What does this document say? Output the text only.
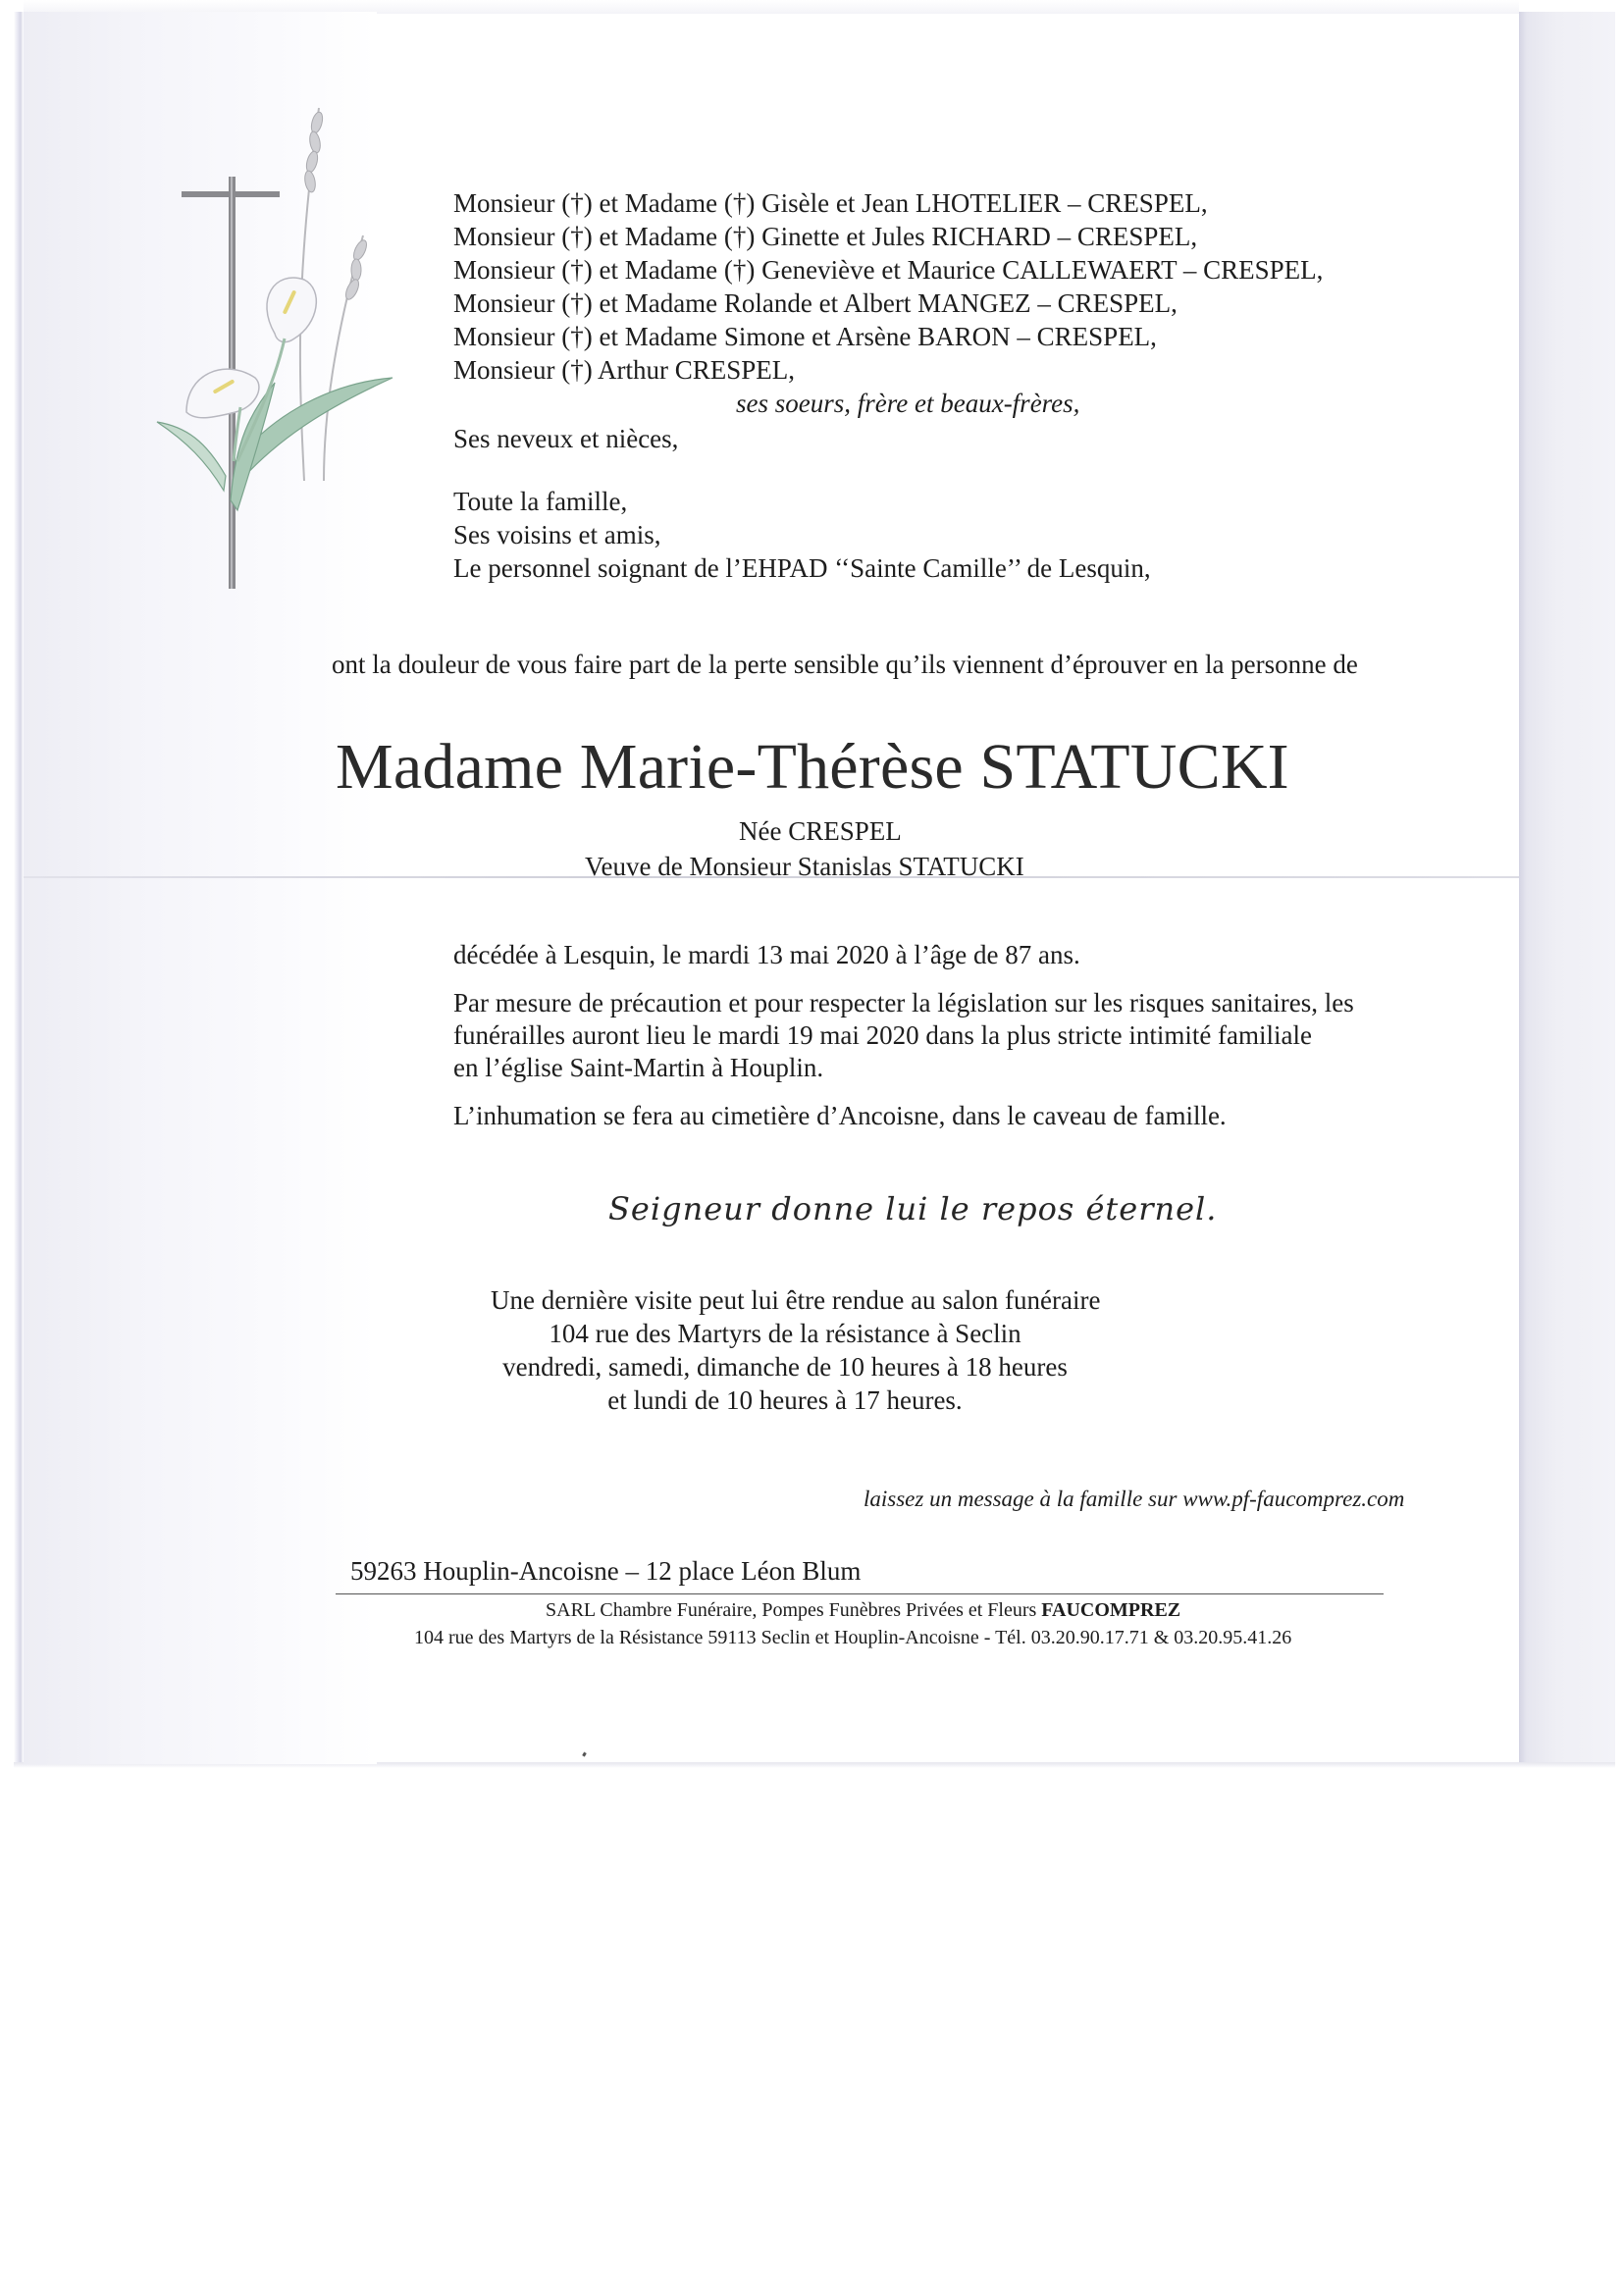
Monsieur (†) et Madame (†) Gisèle et Jean LHOTELIER – CRESPEL,
Monsieur (†) et Madame (†) Ginette et Jules RICHARD – CRESPEL,
Monsieur (†) et Madame (†) Geneviève et Maurice CALLEWAERT – CRESPEL,
Monsieur (†) et Madame Rolande et Albert MANGEZ – CRESPEL,
Monsieur (†) et Madame Simone et Arsène BARON – CRESPEL,
Monsieur (†) Arthur CRESPEL,
ses soeurs, frère et beaux-frères,
Ses neveux et nièces,
Toute la famille,
Ses voisins et amis,
Le personnel soignant de l’EHPAD ‘‘Sainte Camille’’ de Lesquin,
ont la douleur de vous faire part de la perte sensible qu’ils viennent d’éprouver en la personne de
Madame Marie-Thérèse STATUCKI
Née CRESPEL
Veuve de Monsieur Stanislas STATUCKI
décédée à Lesquin, le mardi 13 mai 2020 à l’âge de 87 ans.
Par mesure de précaution et pour respecter la législation sur les risques sanitaires, les
funérailles auront lieu le mardi 19 mai 2020 dans la plus stricte intimité familiale
en l’église Saint-Martin à Houplin.
L’inhumation se fera au cimetière d’Ancoisne, dans le caveau de famille.
Seigneur donne lui le repos éternel.
Une dernière visite peut lui être rendue au salon funéraire
104 rue des Martyrs de la résistance à Seclin
vendredi, samedi, dimanche de 10 heures à 18 heures
et lundi de 10 heures à 17 heures.
laissez un message à la famille sur www.pf-faucomprez.com
59263 Houplin-Ancoisne – 12 place Léon Blum
SARL Chambre Funéraire, Pompes Funèbres Privées et Fleurs FAUCOMPREZ
104 rue des Martyrs de la Résistance 59113 Seclin et Houplin-Ancoisne - Tél. 03.20.90.17.71 & 03.20.95.41.26
